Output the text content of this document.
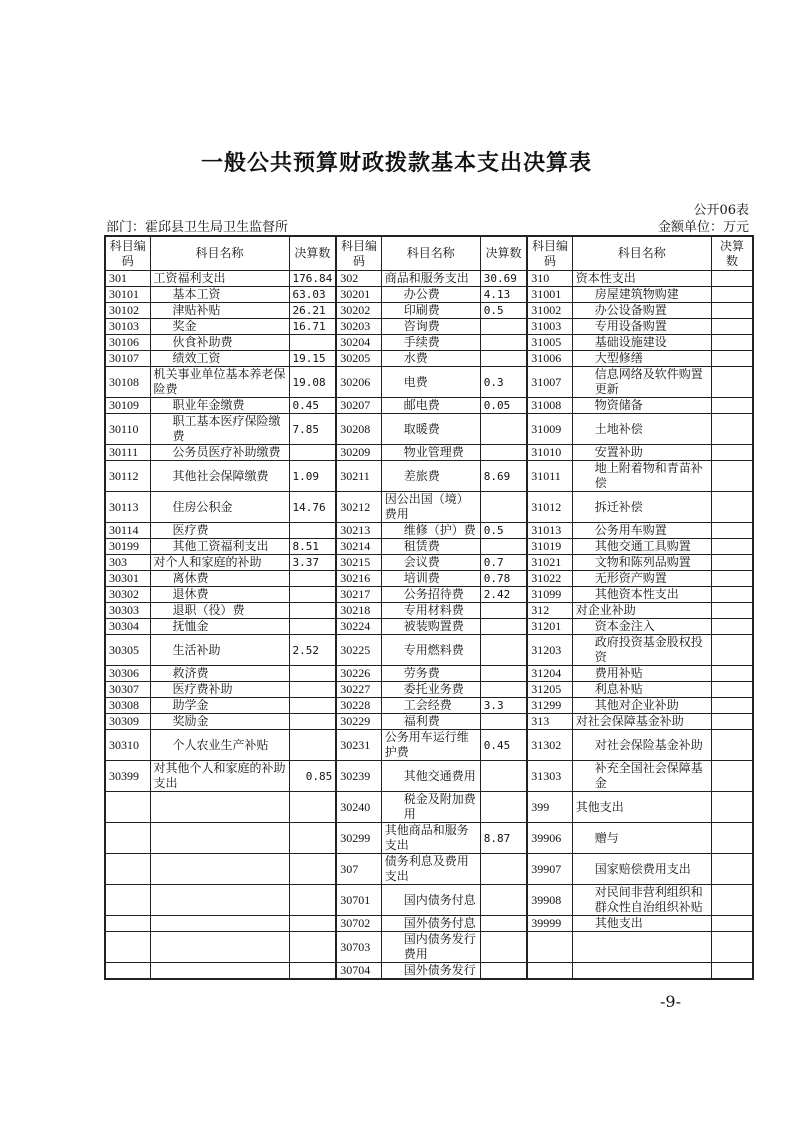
一般公共预算财政拨款基本支出决算表
公开06表
部门：霍邱县卫生局卫生监督所	金额单位：万元
科目编码	科目名称	决算数	科目编码	科目名称	决算数	科目编码	科目名称	决算数
301	工资福利支出	176.84	302	商品和服务支出	30.69	310	资本性支出	
30101	基本工资	63.03	30201	办公费	4.13	31001	房屋建筑物购建	
30102	津贴补贴	26.21	30202	印刷费	0.5	31002	办公设备购置	
30103	奖金	16.71	30203	咨询费		31003	专用设备购置	
30106	伙食补助费		30204	手续费		31005	基础设施建设	
30107	绩效工资	19.15	30205	水费		31006	大型修缮	
30108	机关事业单位基本养老保险费	19.08	30206	电费	0.3	31007	信息网络及软件购置更新	
30109	职业年金缴费	0.45	30207	邮电费	0.05	31008	物资储备	
30110	职工基本医疗保险缴费	7.85	30208	取暖费		31009	土地补偿	
30111	公务员医疗补助缴费		30209	物业管理费		31010	安置补助	
30112	其他社会保障缴费	1.09	30211	差旅费	8.69	31011	地上附着物和青苗补偿	
30113	住房公积金	14.76	30212	因公出国（境）费用		31012	拆迁补偿	
30114	医疗费		30213	维修（护）费	0.5	31013	公务用车购置	
30199	其他工资福利支出	8.51	30214	租赁费		31019	其他交通工具购置	
303	对个人和家庭的补助	3.37	30215	会议费	0.7	31021	文物和陈列品购置	
30301	离休费		30216	培训费	0.78	31022	无形资产购置	
30302	退休费		30217	公务招待费	2.42	31099	其他资本性支出	
30303	退职（役）费		30218	专用材料费		312	对企业补助	
30304	抚恤金		30224	被装购置费		31201	资本金注入	
30305	生活补助	2.52	30225	专用燃料费		31203	政府投资基金股权投资	
30306	救济费		30226	劳务费		31204	费用补贴	
30307	医疗费补助		30227	委托业务费		31205	利息补贴	
30308	助学金		30228	工会经费	3.3	31299	其他对企业补助	
30309	奖励金		30229	福利费		313	对社会保障基金补助	
30310	个人农业生产补贴		30231	公务用车运行维护费	0.45	31302	对社会保险基金补助	
30399	对其他个人和家庭的补助支出	0.85	30239	其他交通费用		31303	补充全国社会保障基金	
			30240	税金及附加费用		399	其他支出	
			30299	其他商品和服务支出	8.87	39906	赠与	
			307	债务利息及费用支出		39907	国家赔偿费用支出	
			30701	国内债务付息		39908	对民间非营利组织和群众性自治组织补贴	
			30702	国外债务付息		39999	其他支出	
			30703	国内债务发行费用				
			30704	国外债务发行				
-9-
